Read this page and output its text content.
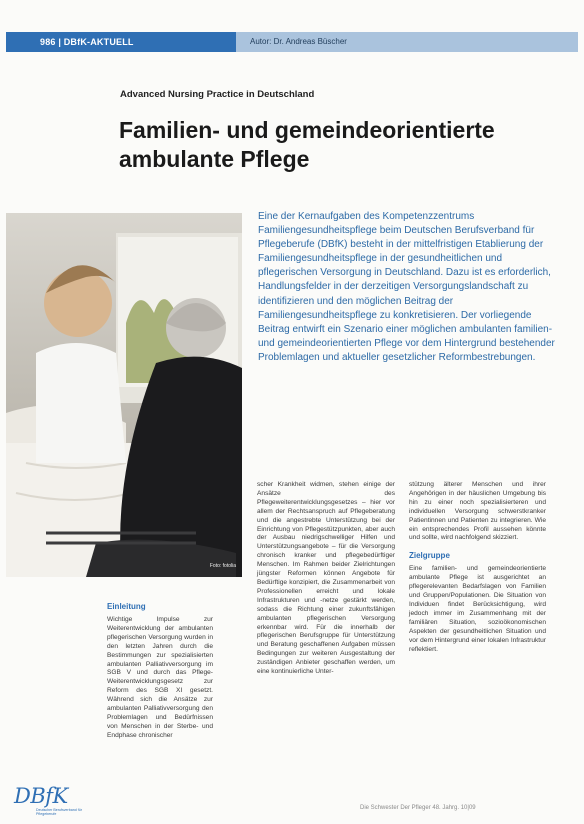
986 | DBfK-AKTUELL	Autor: Dr. Andreas Büscher
Advanced Nursing Practice in Deutschland
Familien- und gemeindeorientierte ambulante Pflege
Foto: fotolia

Eine der Kernaufgaben des Kompetenzzentrums Familiengesundheitspflege beim Deutschen Berufsverband für Pflegeberufe (DBfK) besteht in der mittelfristigen Etablierung der Familiengesundheitspflege in der gesundheitlichen und pflegerischen Versorgung in Deutschland. Dazu ist es erforderlich, Handlungsfelder in der derzeitigen Versorgungslandschaft zu identifizieren und den möglichen Beitrag der Familiengesundheitspflege zu konkretisieren. Der vorliegende Beitrag entwirft ein Szenario einer möglichen ambulanten familien- und gemeindeorientierten Pflege vor dem Hintergrund bestehender Problemlagen und aktueller gesetzlicher Reformbestrebungen.

Einleitung

Wichtige Impulse zur Weiterentwicklung der ambulanten pflegerischen Versorgung wurden in den letzten Jahren durch die Bestimmungen zur spezialisierten ambulanten Palliativversorgung im SGB V und durch das Pflege-Weiterentwicklungsgesetz zur Reform des SGB XI gesetzt. Während sich die Ansätze zur ambulanten Palliativversorgung den Problemlagen und Bedürfnissen von Menschen in der Sterbe- und Endphase chronischer

scher Krankheit widmen, stehen einige der Ansätze des Pflegeweiterentwicklungsgesetzes – hier vor allem der Rechtsanspruch auf Pflegeberatung und die angestrebte Unterstützung bei der Einrichtung von Pflegestützpunkten, aber auch der Ausbau niedrigschwelliger Hilfen und Unterstützungsangebote – für die Versorgung chronisch kranker und pflegebedürftiger Menschen. Im Rahmen beider Zielrichtungen jüngster Reformen können Angebote für Bedürftige konzipiert, die Zusammenarbeit von Professionellen erreicht und lokale Infrastrukturen und -netze gestärkt werden, sodass die Richtung einer zukunftsfähigen ambulanten pflegerischen Versorgung erkennbar wird. Für die innerhalb der pflegerischen Berufsgruppe für Unterstützung und Beratung geschaffenen Aufgaben müssen Bedingungen zur weiteren Ausgestaltung der zuständigen Anbieter geschaffen werden, um eine kontinuierliche Unter-

stützung älterer Menschen und ihrer Angehörigen in der häuslichen Umgebung bis hin zu einer noch spezialisierteren und individuellen Versorgung schwerstkranker Patientinnen und Patienten zu integrieren. Wie ein entsprechendes Profil aussehen könnte und sollte, wird nachfolgend skizziert.

Zielgruppe

Eine familien- und gemeindeorientierte ambulante Pflege ist ausgerichtet an pflegerelevanten Bedarfslagen von Familien und Gruppen/Populationen. Die Situation von Individuen findet Berücksichtigung, wird jedoch immer im Zusammenhang mit der familiären Situation, sozioökonomischen Aspekten der gesundheitlichen Situation und vor dem Hintergrund einer lokalen Infrastruktur reflektiert.

DBfK
Deutscher Berufsverband für Pflegeberufe
Die Schwester Der Pfleger 48. Jahrg. 10|09
